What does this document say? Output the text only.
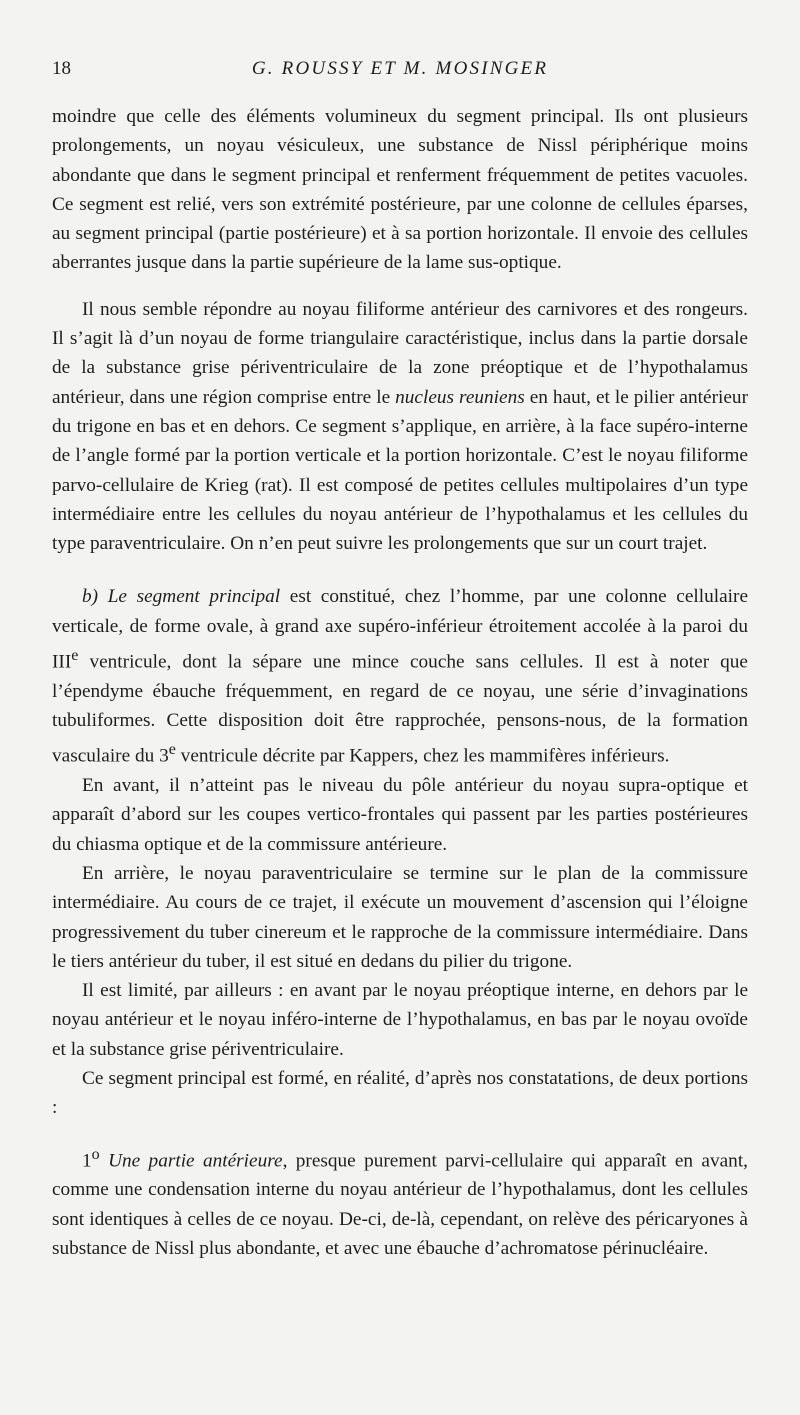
18	G. ROUSSY ET M. MOSINGER

moindre que celle des éléments volumineux du segment principal. Ils ont plusieurs prolongements, un noyau vésiculeux, une substance de Nissl périphérique moins abondante que dans le segment principal et renferment fréquemment de petites vacuoles. Ce segment est relié, vers son extrémité postérieure, par une colonne de cellules éparses, au segment principal (partie postérieure) et à sa portion horizontale. Il envoie des cellules aberrantes jusque dans la partie supérieure de la lame sus-optique.

Il nous semble répondre au noyau filiforme antérieur des carnivores et des rongeurs. Il s’agit là d’un noyau de forme triangulaire caractéristique, inclus dans la partie dorsale de la substance grise périventriculaire de la zone préoptique et de l’hypothalamus antérieur, dans une région comprise entre le nucleus reuniens en haut, et le pilier antérieur du trigone en bas et en dehors. Ce segment s’applique, en arrière, à la face supéro-interne de l’angle formé par la portion verticale et la portion horizontale. C’est le noyau filiforme parvo-cellulaire de Krieg (rat). Il est composé de petites cellules multipolaires d’un type intermédiaire entre les cellules du noyau antérieur de l’hypothalamus et les cellules du type paraventriculaire. On n’en peut suivre les prolongements que sur un court trajet.

b) Le segment principal est constitué, chez l’homme, par une colonne cellulaire verticale, de forme ovale, à grand axe supéro-inférieur étroitement accolée à la paroi du IIIe ventricule, dont la sépare une mince couche sans cellules. Il est à noter que l’épendyme ébauche fréquemment, en regard de ce noyau, une série d’invaginations tubuliformes. Cette disposition doit être rapprochée, pensons-nous, de la formation vasculaire du 3e ventricule décrite par Kappers, chez les mammifères inférieurs.

En avant, il n’atteint pas le niveau du pôle antérieur du noyau supra-optique et apparaît d’abord sur les coupes vertico-frontales qui passent par les parties postérieures du chiasma optique et de la commissure antérieure.

En arrière, le noyau paraventriculaire se termine sur le plan de la commissure intermédiaire. Au cours de ce trajet, il exécute un mouvement d’ascension qui l’éloigne progressivement du tuber cinereum et le rapproche de la commissure intermédiaire. Dans le tiers antérieur du tuber, il est situé en dedans du pilier du trigone.

Il est limité, par ailleurs : en avant par le noyau préoptique interne, en dehors par le noyau antérieur et le noyau inféro-interne de l’hypothalamus, en bas par le noyau ovoïde et la substance grise périventriculaire.

Ce segment principal est formé, en réalité, d’après nos constatations, de deux portions :

1$^o$ Une partie antérieure, presque purement parvi-cellulaire qui apparaît en avant, comme une condensation interne du noyau antérieur de l’hypothalamus, dont les cellules sont identiques à celles de ce noyau. De-ci, de-là, cependant, on relève des péricaryones à substance de Nissl plus abondante, et avec une ébauche d’achromatose périnucléaire.
